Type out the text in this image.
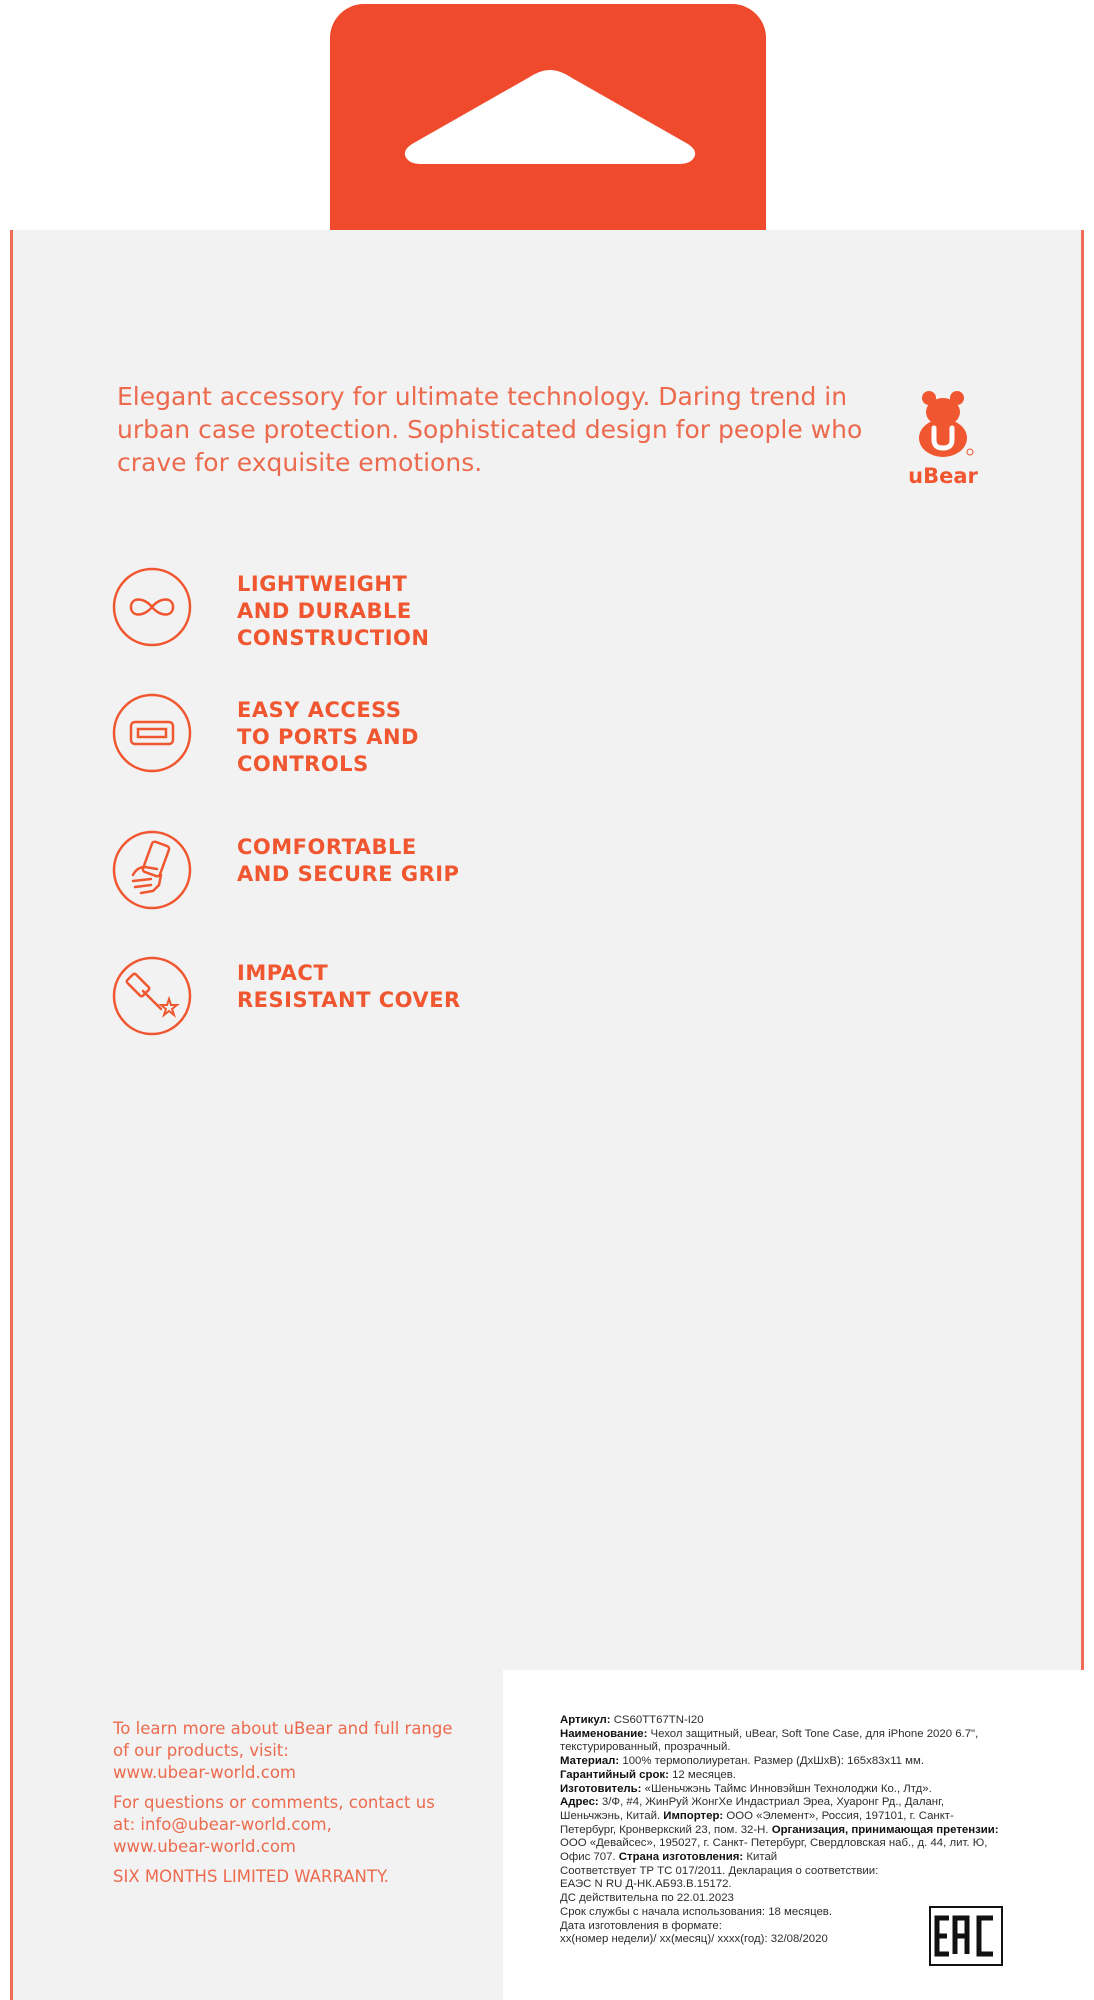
Elegant accessory for ultimate technology. Daring trend in urban case protection. Sophisticated design for people who crave for exquisite emotions.	uBear
LIGHTWEIGHT
AND DURABLE
CONSTRUCTION
EASY ACCESS
TO PORTS AND
CONTROLS
COMFORTABLE
AND SECURE GRIP
IMPACT
RESISTANT COVER

To learn more about uBear and full range
of our products, visit:
www.ubear-world.com

For questions or comments, contact us
at: info@ubear-world.com,
www.ubear-world.com

SIX MONTHS LIMITED WARRANTY.

Артикул: CS60TT67TN-I20
Наименование: Чехол защитный, uBear, Soft Tone Case, для iPhone 2020 6.7", текстурированный, прозрачный.
Материал: 100% термополиуретан. Размер (ДхШхВ): 165x83x11 мм.
Гарантийный срок: 12 месяцев.
Изготовитель: «Шеньчжэнь Таймс Инновэйшн Технолоджи Ко., Лтд».
Адрес: 3/Ф, #4, ЖинРуй ЖонгХе Индастриал Эреа, Хуаронг Рд., Даланг, Шеньчжэнь, Китай. Импортер: ООО «Элемент», Россия, 197101, г. Санкт-Петербург, Кронверкский 23, пом. 32-Н. Организация, принимающая претензии: ООО «Девайсес», 195027, г. Санкт- Петербург, Свердловская наб., д. 44, лит. Ю, Офис 707. Страна изготовления: Китай
Соответствует ТР ТС 017/2011. Декларация о соответствии:
ЕАЭС N RU Д-НК.АБ93.В.15172.
ДС действительна по 22.01.2023
Срок службы с начала использования: 18 месяцев.
Дата изготовления в формате:
хх(номер недели)/ хх(месяц)/ хххх(год): 32/08/2020
